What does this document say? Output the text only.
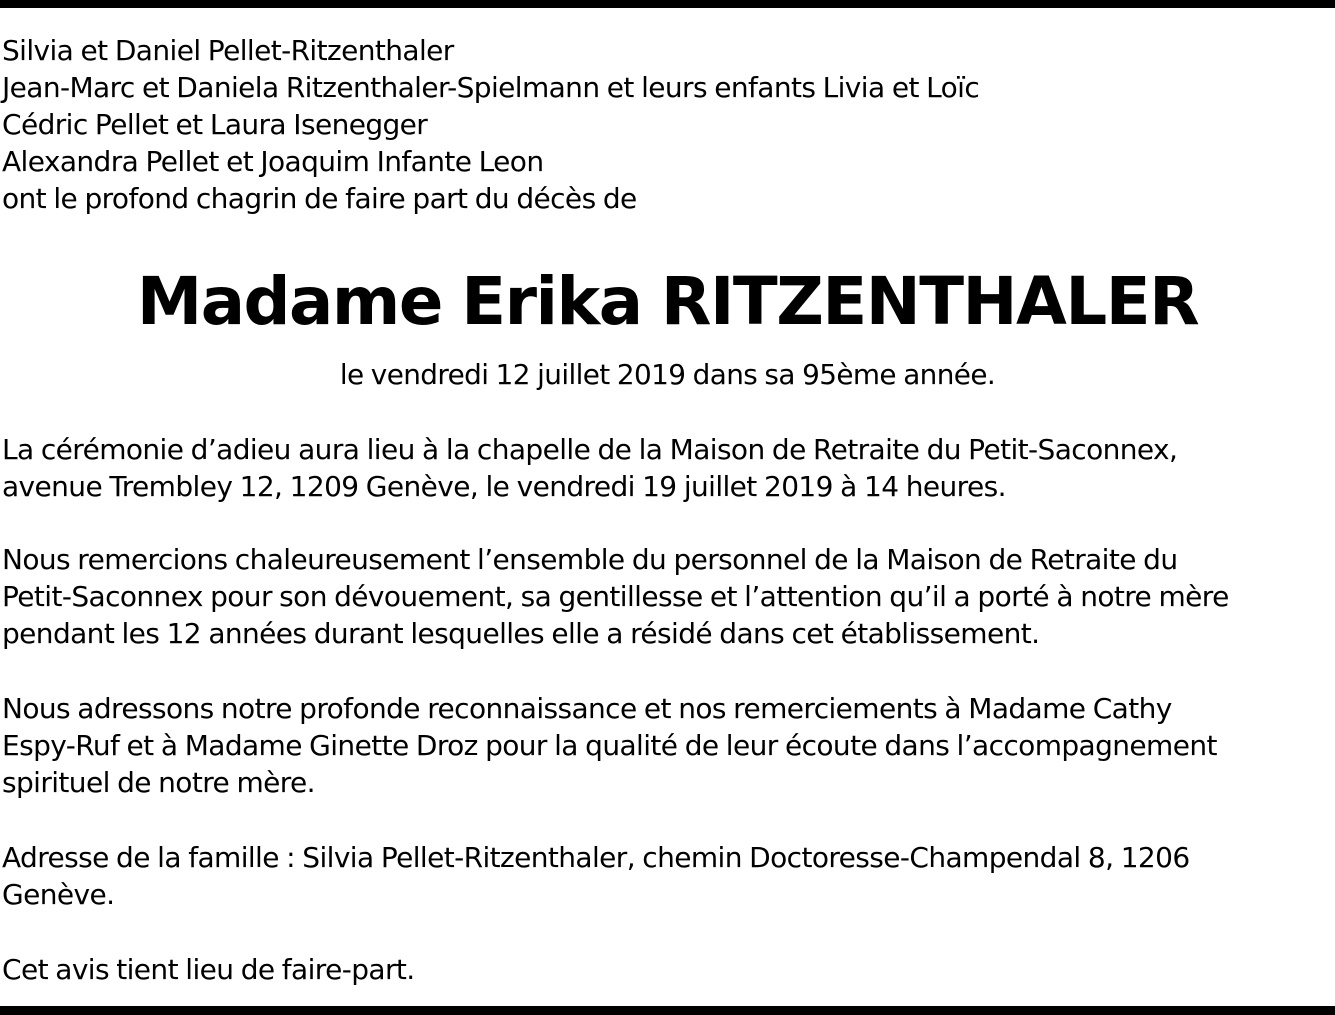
Silvia et Daniel Pellet-Ritzenthaler
Jean-Marc et Daniela Ritzenthaler-Spielmann et leurs enfants Livia et Loïc
Cédric Pellet et Laura Isenegger
Alexandra Pellet et Joaquim Infante Leon
ont le profond chagrin de faire part du décès de
Madame Erika RITZENTHALER
le vendredi 12 juillet 2019 dans sa 95ème année.
La cérémonie d’adieu aura lieu à la chapelle de la Maison de Retraite du Petit-Saconnex,
avenue Trembley 12, 1209 Genève, le vendredi 19 juillet 2019 à 14 heures.
Nous remercions chaleureusement l’ensemble du personnel de la Maison de Retraite du
Petit-Saconnex pour son dévouement, sa gentillesse et l’attention qu’il a porté à notre mère
pendant les 12 années durant lesquelles elle a résidé dans cet établissement.
Nous adressons notre profonde reconnaissance et nos remerciements à Madame Cathy
Espy-Ruf et à Madame Ginette Droz pour la qualité de leur écoute dans l’accompagnement
spirituel de notre mère.
Adresse de la famille : Silvia Pellet-Ritzenthaler, chemin Doctoresse-Champendal 8, 1206
Genève.
Cet avis tient lieu de faire-part.
